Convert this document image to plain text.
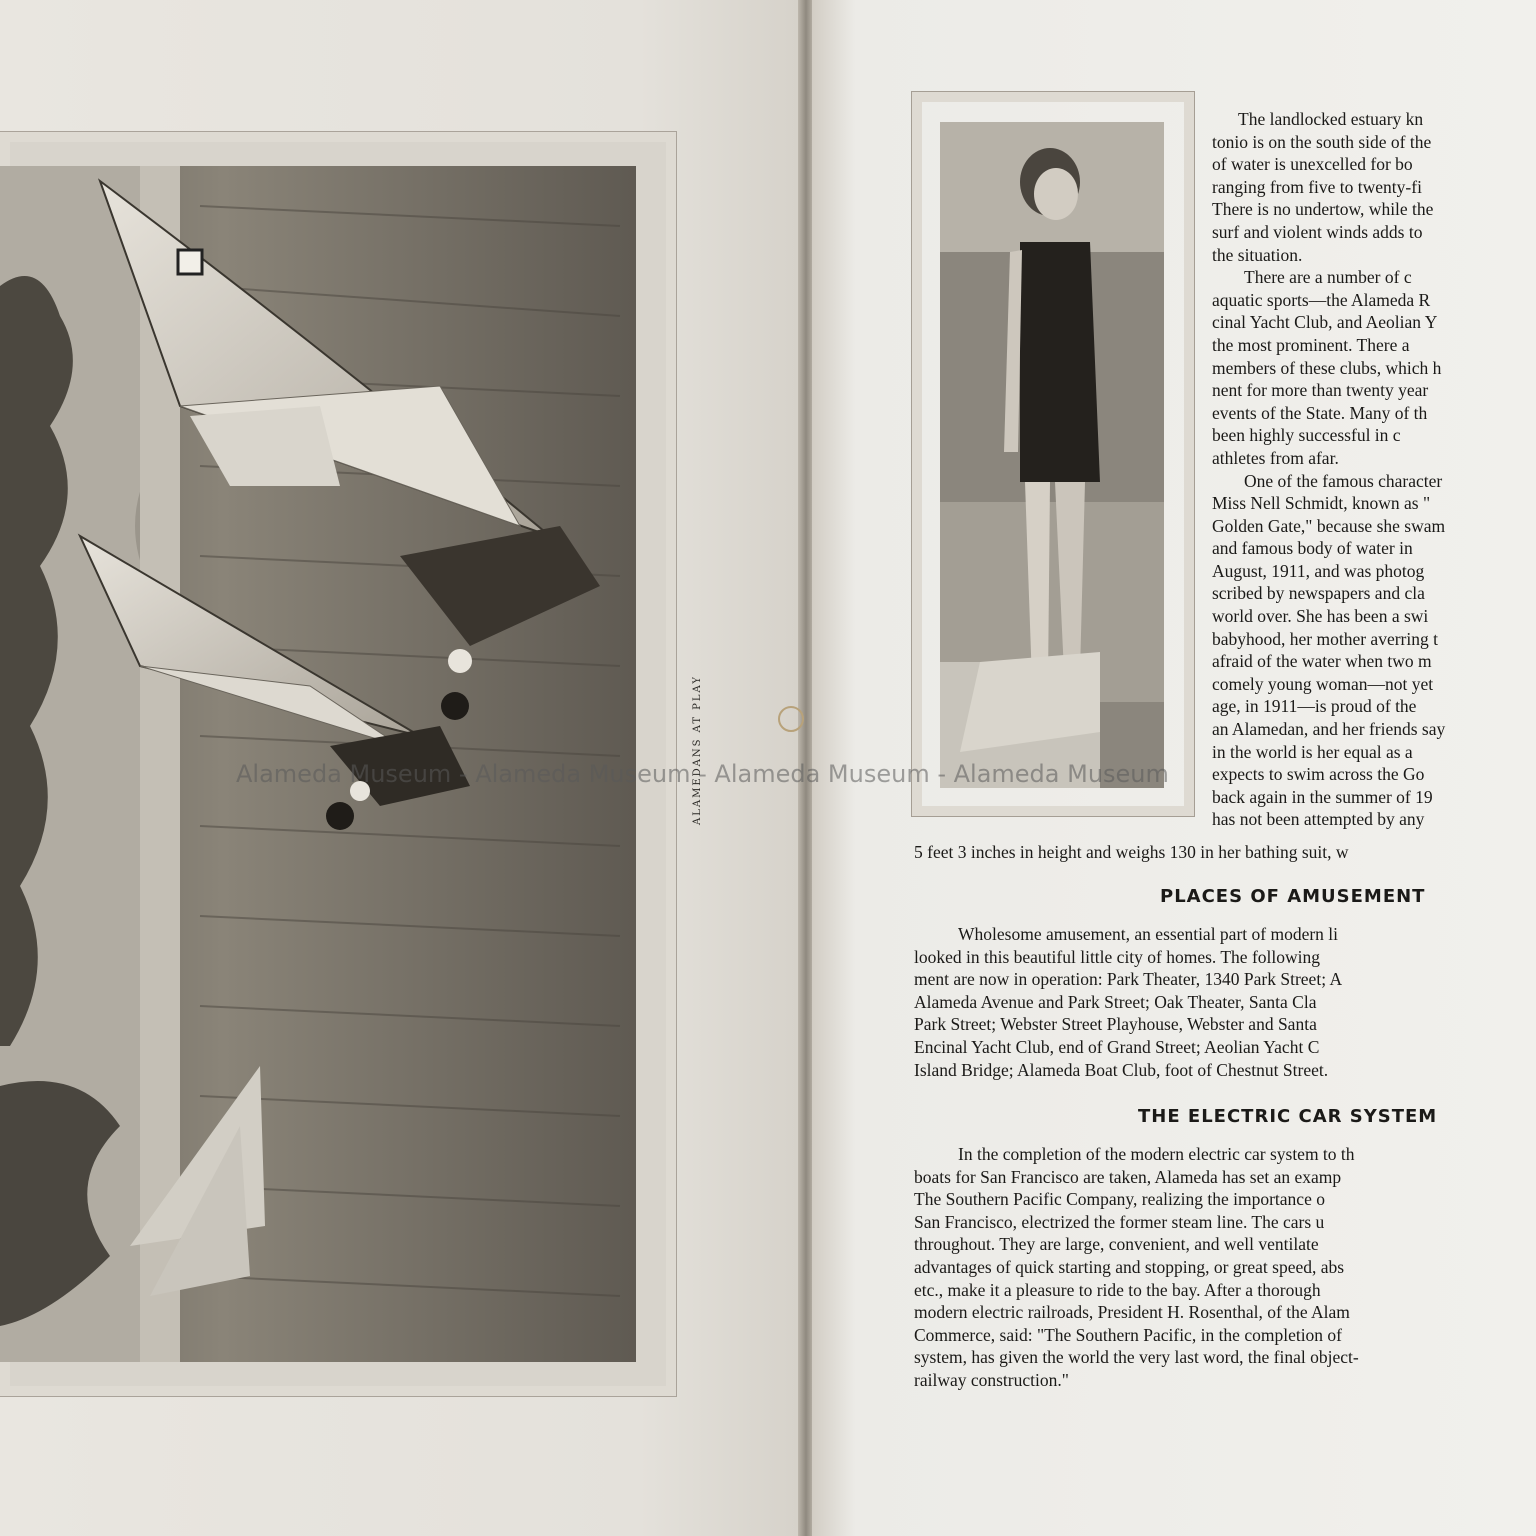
ALAMEDANS AT PLAY

The landlocked estuary kn

tonio is on the south side of the

of water is unexcelled for bo

ranging from five to twenty-fi

There is no undertow, while the

surf and violent winds adds to

the situation.

There are a number of c

aquatic sports—the Alameda R

cinal Yacht Club, and Aeolian Y

the most prominent. There a

members of these clubs, which h

nent for more than twenty year

events of the State. Many of th

been highly successful in c

athletes from afar.

One of the famous character

Miss Nell Schmidt, known as "

Golden Gate," because she swam

and famous body of water in

August, 1911, and was photog

scribed by newspapers and cla

world over. She has been a swi

babyhood, her mother averring t

afraid of the water when two m

comely young woman—not yet

age, in 1911—is proud of the

an Alamedan, and her friends say

in the world is her equal as a

expects to swim across the Go

back again in the summer of 19

has not been attempted by any

5 feet 3 inches in height and weighs 130 in her bathing suit, w

PLACES OF AMUSEMENT

Wholesome amusement, an essential part of modern li

looked in this beautiful little city of homes. The following

ment are now in operation: Park Theater, 1340 Park Street; A

Alameda Avenue and Park Street; Oak Theater, Santa Cla

Park Street; Webster Street Playhouse, Webster and Santa

Encinal Yacht Club, end of Grand Street; Aeolian Yacht C

Island Bridge; Alameda Boat Club, foot of Chestnut Street.

THE ELECTRIC CAR SYSTEM

In the completion of the modern electric car system to th

boats for San Francisco are taken, Alameda has set an examp

The Southern Pacific Company, realizing the importance o

San Francisco, electrized the former steam line. The cars u

throughout. They are large, convenient, and well ventilate

advantages of quick starting and stopping, or great speed, abs

etc., make it a pleasure to ride to the bay. After a thorough

modern electric railroads, President H. Rosenthal, of the Alam

Commerce, said: "The Southern Pacific, in the completion of

system, has given the world the very last word, the final object-

railway construction."

Alameda Museum - Alameda Museum - Alameda Museum - Alameda Museum
